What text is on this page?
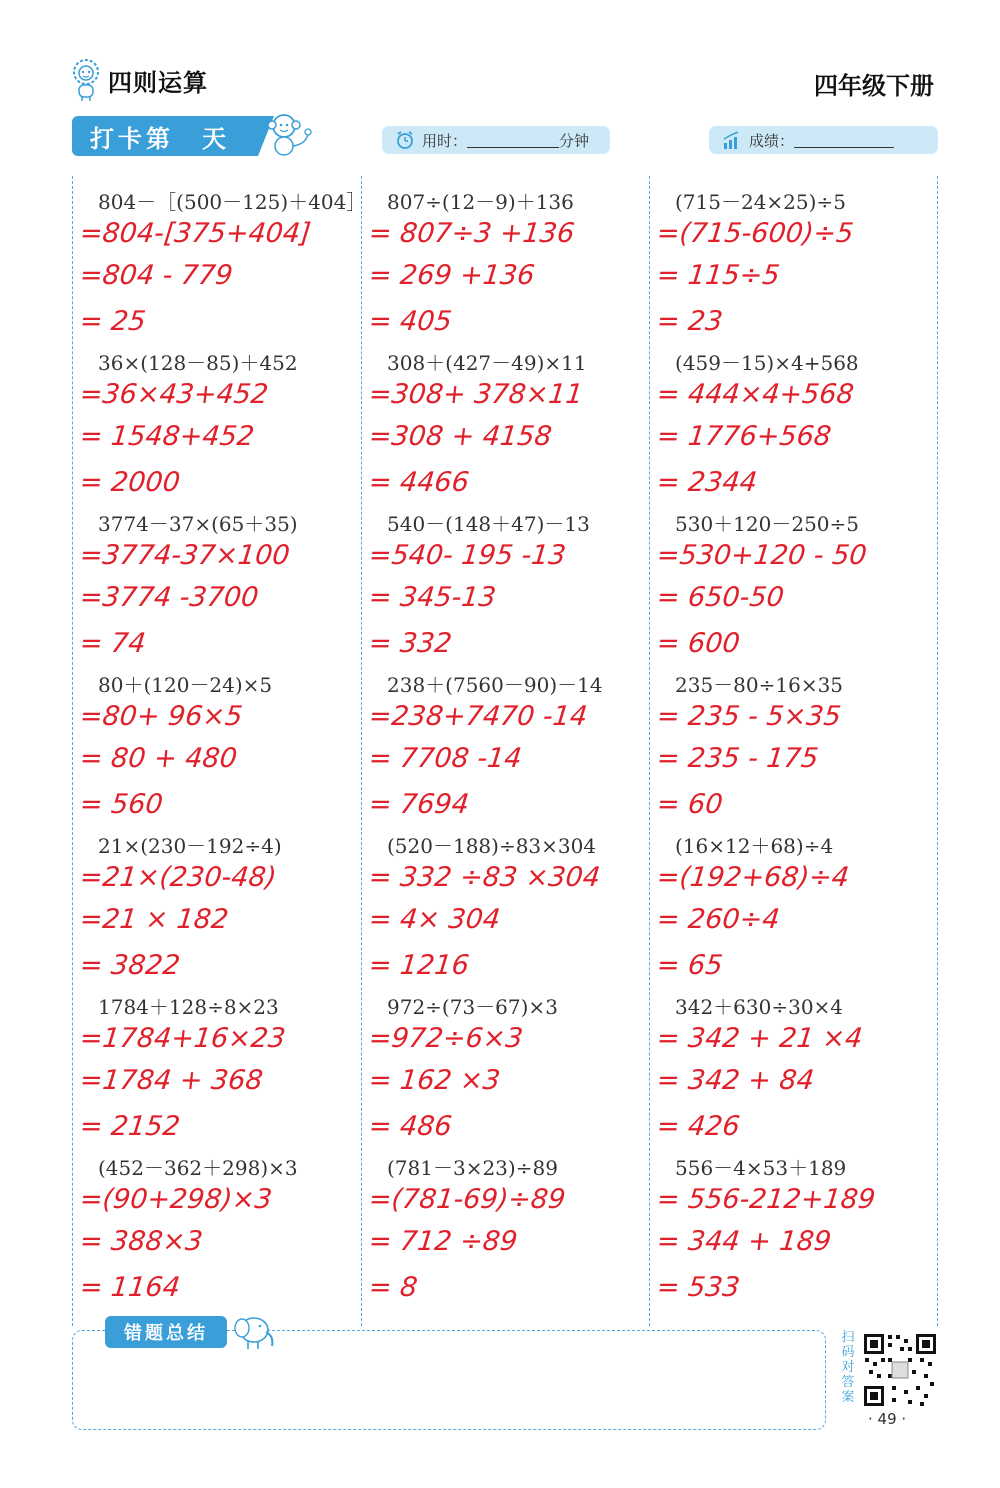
四则运算	四年级下册
打卡第 天	用时：	分钟	成绩：
804－［(500－125)＋404］
=804-[375+404]
=804 - 779
= 25
807÷(12－9)＋136
= 807÷3 +136
= 269 +136
= 405
(715－24×25)÷5
=(715-600)÷5
= 115÷5
= 23
36×(128－85)＋452
=36×43+452
= 1548+452
= 2000
308＋(427－49)×11
=308+ 378×11
=308 + 4158
= 4466
(459－15)×4+568
= 444×4+568
= 1776+568
= 2344
3774－37×(65＋35)
=3774-37×100
=3774 -3700
= 74
540－(148＋47)－13
=540- 195 -13
= 345-13
= 332
530＋120－250÷5
=530+120 - 50
= 650-50
= 600
80＋(120－24)×5
=80+ 96×5
= 80 + 480
= 560
238＋(7560－90)－14
=238+7470 -14
= 7708 -14
= 7694
235－80÷16×35
= 235 - 5×35
= 235 - 175
= 60
21×(230－192÷4)
=21×(230-48)
=21 × 182
= 3822
(520－188)÷83×304
= 332 ÷83 ×304
= 4× 304
= 1216
(16×12＋68)÷4
=(192+68)÷4
= 260÷4
= 65
1784＋128÷8×23
=1784+16×23
=1784 + 368
= 2152
972÷(73－67)×3
=972÷6×3
= 162 ×3
= 486
342＋630÷30×4
= 342 + 21 ×4
= 342 + 84
= 426
(452－362＋298)×3
=(90+298)×3
= 388×3
= 1164
(781－3×23)÷89
=(781-69)÷89
= 712 ÷89
= 8
556－4×53＋189
= 556-212+189
= 344 + 189
= 533
错题总结	扫码对答案
· 49 ·
